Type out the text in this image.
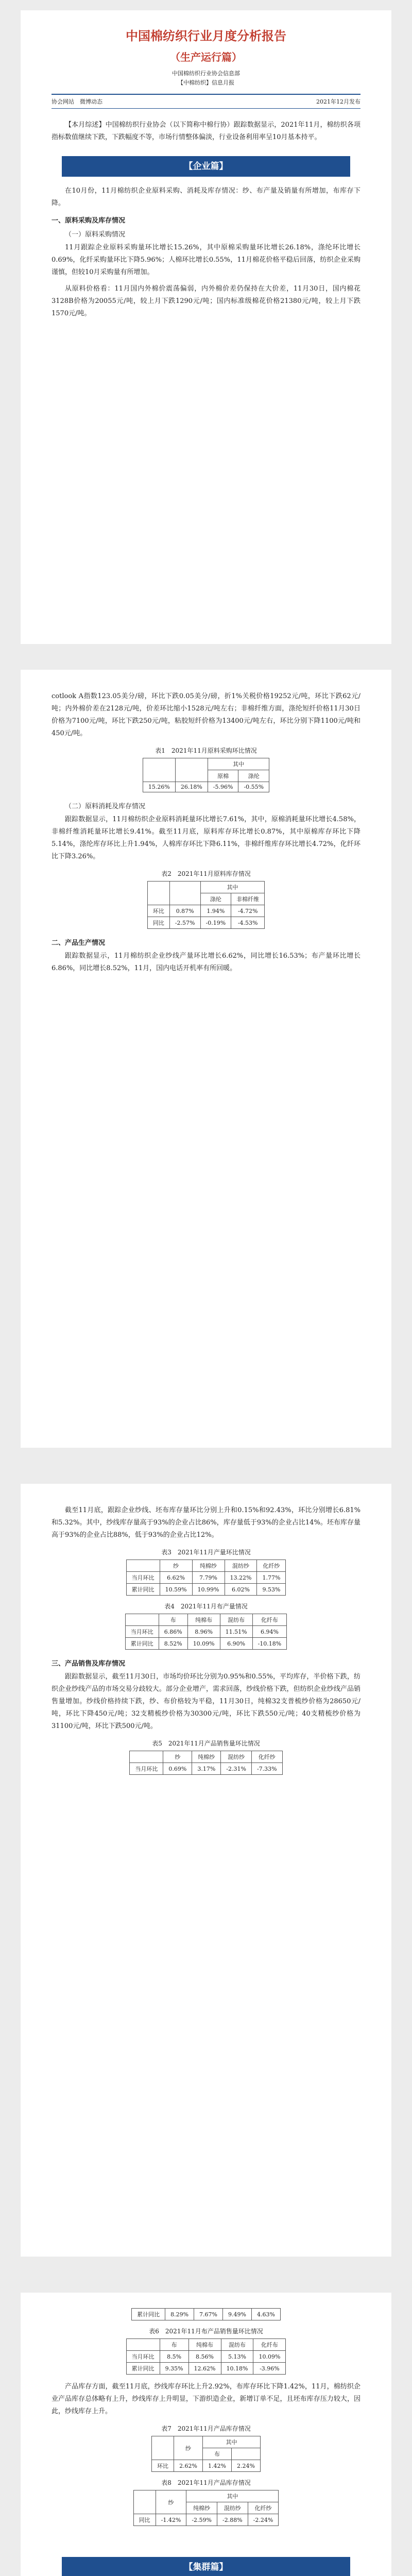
中国棉纺织行业月度分析报告
（生产运行篇）
中国棉纺织行业协会信息部
【中棉纺织】信息月报
协会网站　微博动态	2021年12月发布

【本月综述】中国棉纺织行业协会（以下简称中棉行协）跟踪数据显示，2021年11月，棉纺织各项指标数值继续下跌，下跌幅度不等，市场行情整体偏淡，行业设备利用率呈10月基本持平。

【企业篇】

在10月份，11月棉纺织企业原料采购、消耗及库存情况：纱、布产量及销量有所增加，布库存下降。

一、原料采购及库存情况
（一）原料采购情况

11月跟踪企业原料采购量环比增长15.26%，其中原棉采购量环比增长26.18%，涤纶环比增长0.69%，化纤采购量环比下降5.96%；人棉环比增长0.55%，11月棉花价格平稳后回落，纺织企业采购谨慎，但较10月采购量有所增加。

从原料价格看：11月国内外棉价震荡偏弱，内外棉价差仍保持在大价差，11月30日，国内棉花3128B价格为20055元/吨，较上月下跌1290元/吨；国内标准级棉花价格21380元/吨，较上月下跌1570元/吨。

cotlook A指数123.05美分/磅，环比下跌0.05美分/磅，折1%关税价格19252元/吨，环比下跌62元/吨；内外棉价差在2128元/吨，价差环比缩小1528元/吨左右；非棉纤维方面，涤纶短纤价格11月30日价格为7100元/吨，环比下跌250元/吨，粘胶短纤价格为13400元/吨左右，环比分别下降1100元/吨和450元/吨。

表1　2021年11月原料采购环比情况
		其中	
		原棉	涤纶
15.26%	26.18%	-5.96%	-0.55%
（二）原料消耗及库存情况

跟踪数据显示，11月棉纺织企业原料消耗量环比增长7.61%，其中，原棉消耗量环比增长4.58%，非棉纤维消耗量环比增长9.41%。截至11月底，原料库存环比增长0.87%，其中原棉库存环比下降5.14%，涤纶库存环比上升1.94%，人棉库存环比下降6.11%，非棉纤维库存环比增长4.72%，化纤环比下降3.26%。

表2　2021年11月原料库存情况
		其中	
		涤纶	非棉纤维
环比	0.87%	1.94%	-4.72%
同比	-2.57%	-0.19%	-4.53%
二、产品生产情况

跟踪数据显示，11月棉纺织企业纱线产量环比增长6.62%，同比增长16.53%；布产量环比增长6.86%，同比增长8.52%，11月，国内电话开机率有所回暖。

截至11月底，跟踪企业纱线、坯布库存量环比分别上升和0.15%和92.43%，环比分别增长6.81%和5.32%。其中，纱线库存量高于93%的企业占比86%，库存量低于93%的企业占比14%。坯布库存量高于93%的企业占比88%，低于93%的企业占比12%。

表3　2021年11月产量环比情况
	纱	纯棉纱	混纺纱	化纤纱
当月环比	6.62%	7.79%	13.22%	1.77%
累计同比	10.59%	10.99%	6.02%	9.53%
表4　2021年11月布产量情况
	布	纯棉布	混纺布	化纤布
当月环比	6.86%	8.96%	11.51%	6.94%
累计同比	8.52%	10.09%	6.90%	-10.18%
三、产品销售及库存情况

跟踪数据显示，截至11月30日，市场均价环比分别为0.95%和0.55%，平均库存，半价格下跌，纺织企业纱线产品的市场交易分歧较大。部分企业增产，需求回落，纱线价格下跌，但纺织企业纱线产品销售量增加。纱线价格持续下跌，纱、布价格较为平稳，11月30日，纯棉32支普梳纱价格为28650元/吨，环比下降450元/吨；32支精梳纱价格为30300元/吨，环比下跌550元/吨；40支精梳纱价格为31100元/吨，环比下跌500元/吨。

表5　2021年11月产品销售量环比情况
	纱	纯棉纱	混纺纱	化纤纱
当月环比	0.69%	3.17%	-2.31%	-7.33%
累计同比	8.29%	7.67%	9.49%	4.63%
表6　2021年11月布产品销售量环比情况
	布	纯棉布	混纺布	化纤布
当月环比	8.5%	8.56%	5.13%	10.09%
累计同比	9.35%	12.62%	10.18%	-3.96%

产品库存方面，截至11月底，纱线库存环比上升2.92%，布库存环比下降1.42%，11月，棉纺织企业产品库存总体略有上升，纱线库存上升明显，下游织造企业，新增订单不足，且坯布库存压力较大，因此，纱线库存上升。

表7　2021年11月产品库存情况
	纱	其中	
		布	
环比	2.62%	1.42%	2.24%
表8　2021年11月产品库存情况
	纱	其中		
		纯棉纱	混纺纱	化纤纱
同比	-1.42%	-2.59%	-2.88%	-2.24%
【集群篇】
